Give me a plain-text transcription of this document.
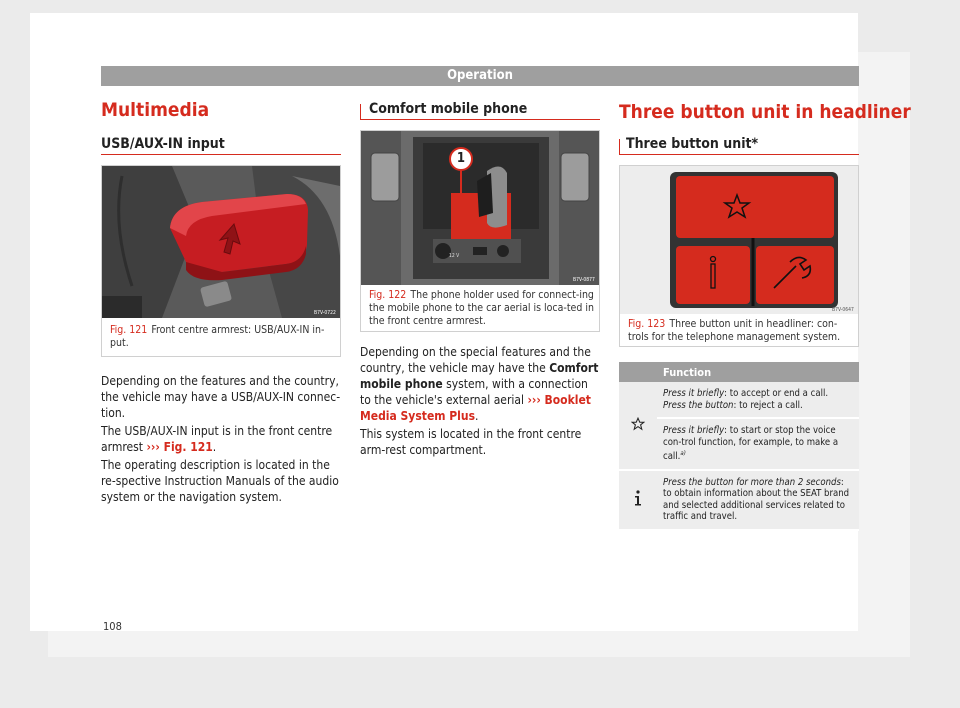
Operation
Multimedia
USB/AUX-IN input
B7V-0722
Fig. 121 Front centre armrest: USB/AUX-IN in-put.

Depending on the features and the country, the vehicle may have a USB/AUX-IN connec-tion.

The USB/AUX-IN input is in the front centre armrest ››› Fig. 121.

The operating description is located in the re-spective Instruction Manuals of the audio system or the navigation system.

Comfort mobile phone
1
12 V
B7V-0877
Fig. 122 The phone holder used for connect-ing the mobile phone to the car aerial is loca-ted in the front centre armrest.

Depending on the special features and the country, the vehicle may have the Comfort mobile phone system, with a connection to the vehicle's external aerial ››› Booklet Media System Plus.

This system is located in the front centre arm-rest compartment.

Three button unit in headliner
Three button unit*
B7V-0647
Fig. 123 Three button unit in headliner: con-trols for the telephone management system.
	Function
	Press it briefly: to accept or end a call.
Press the button: to reject a call.
	Press it briefly: to start or stop the voice con-trol function, for example, to make a call.$^{a)}$
	Press the button for more than 2 seconds: to obtain information about the SEAT brand and selected additional services related to traffic and travel.
108
